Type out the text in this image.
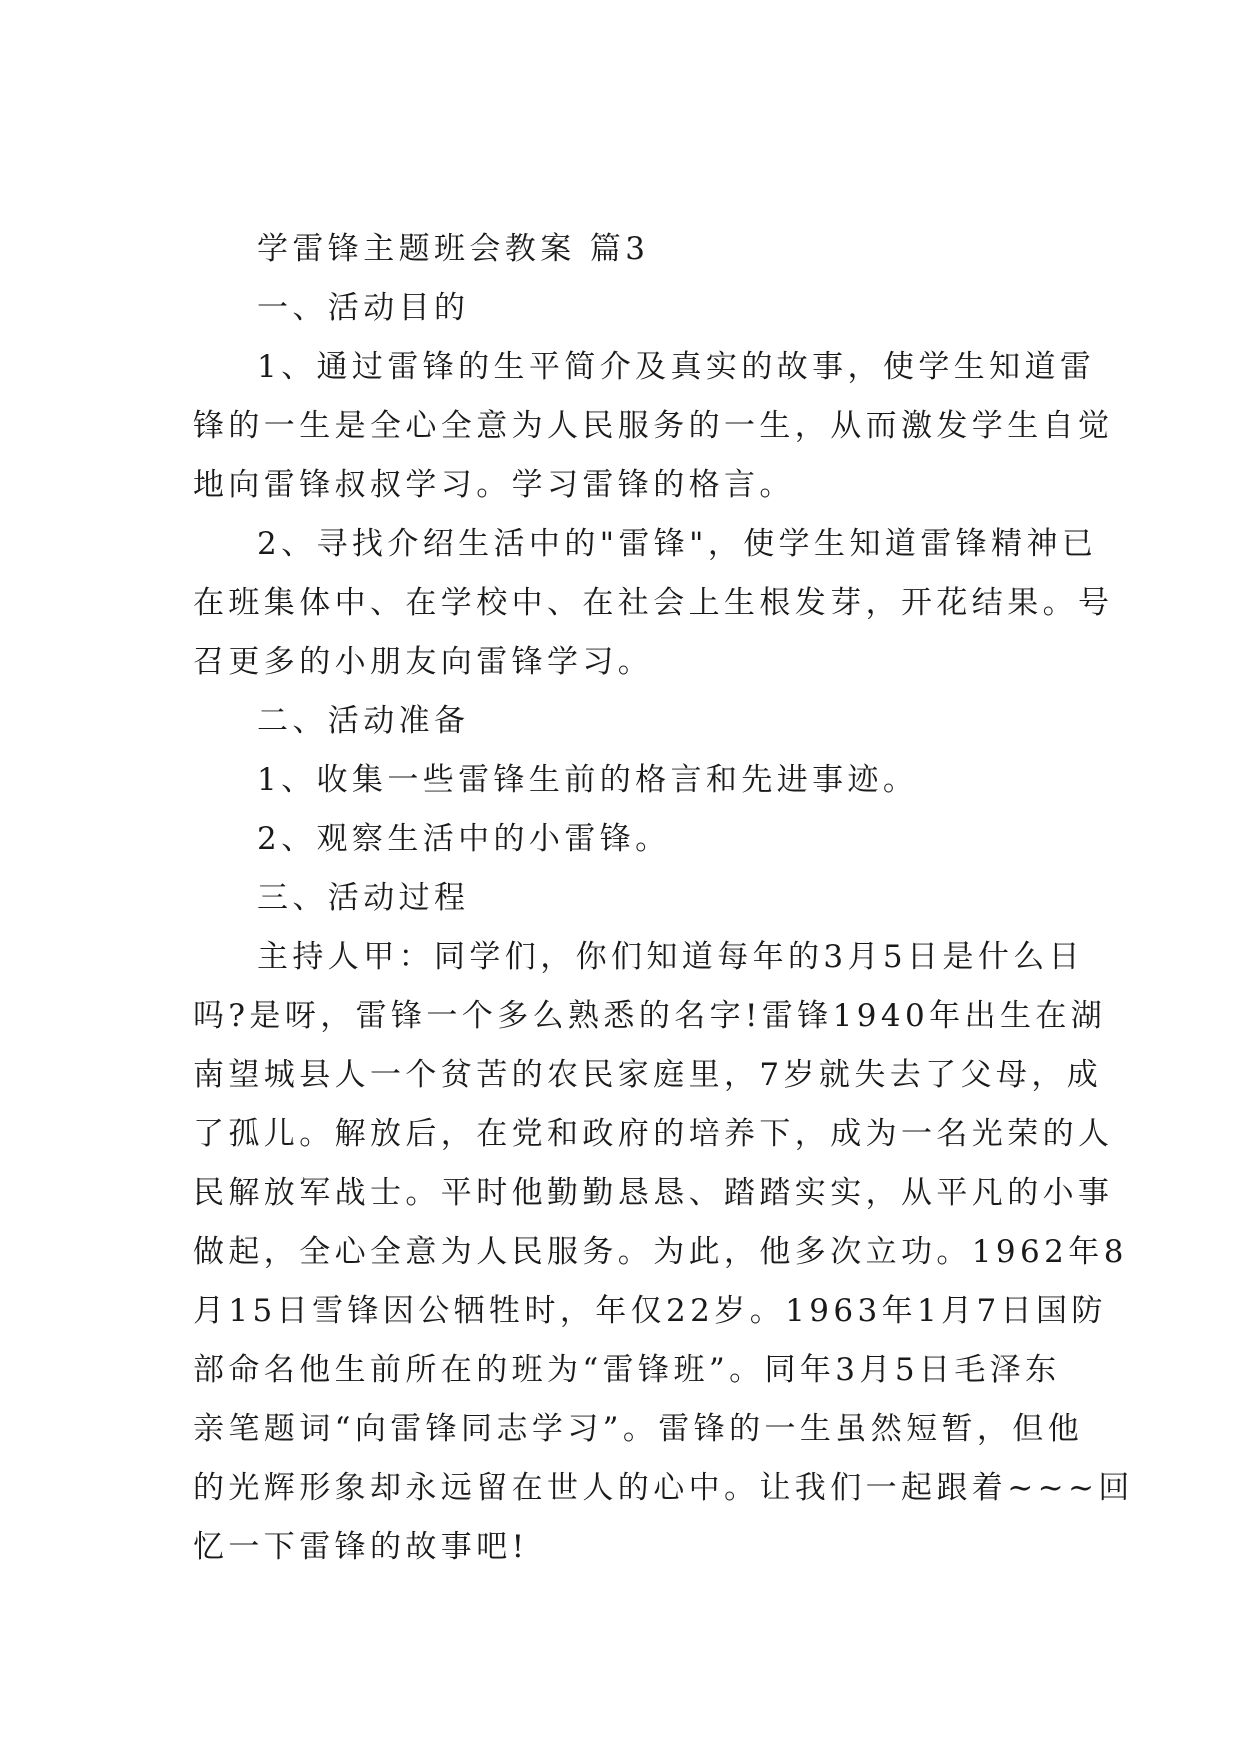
学雷锋主题班会教案 篇3

一、活动目的

1、通过雷锋的生平简介及真实的故事，使学生知道雷

锋的一生是全心全意为人民服务的一生，从而激发学生自觉

地向雷锋叔叔学习。学习雷锋的格言。

2、寻找介绍生活中的"雷锋"，使学生知道雷锋精神已

在班集体中、在学校中、在社会上生根发芽，开花结果。号

召更多的小朋友向雷锋学习。

二、活动准备

1、收集一些雷锋生前的格言和先进事迹。

2、观察生活中的小雷锋。

三、活动过程

主持人甲：同学们，你们知道每年的3月5日是什么日

吗?是呀，雷锋一个多么熟悉的名字!雷锋1940年出生在湖

南望城县人一个贫苦的农民家庭里，7岁就失去了父母，成

了孤儿。解放后，在党和政府的培养下，成为一名光荣的人

民解放军战士。平时他勤勤恳恳、踏踏实实，从平凡的小事

做起，全心全意为人民服务。为此，他多次立功。1962年8

月15日雪锋因公牺牲时，年仅22岁。1963年1月7日国防

部命名他生前所在的班为“雷锋班”。同年3月5日毛泽东

亲笔题词“向雷锋同志学习”。雷锋的一生虽然短暂，但他

的光辉形象却永远留在世人的心中。让我们一起跟着~~~回

忆一下雷锋的故事吧!
